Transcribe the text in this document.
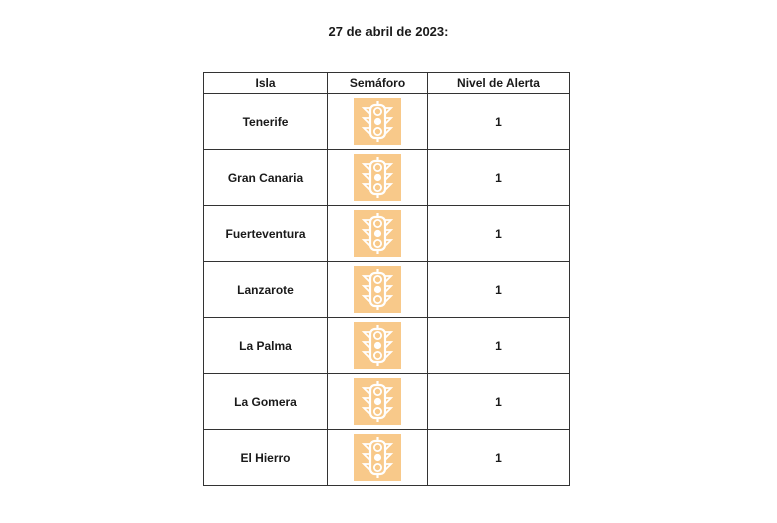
27 de abril de 2023:
Isla	Semáforo	Nivel de Alerta
Tenerife		1
Gran Canaria		1
Fuerteventura		1
Lanzarote		1
La Palma		1
La Gomera		1
El Hierro		1
